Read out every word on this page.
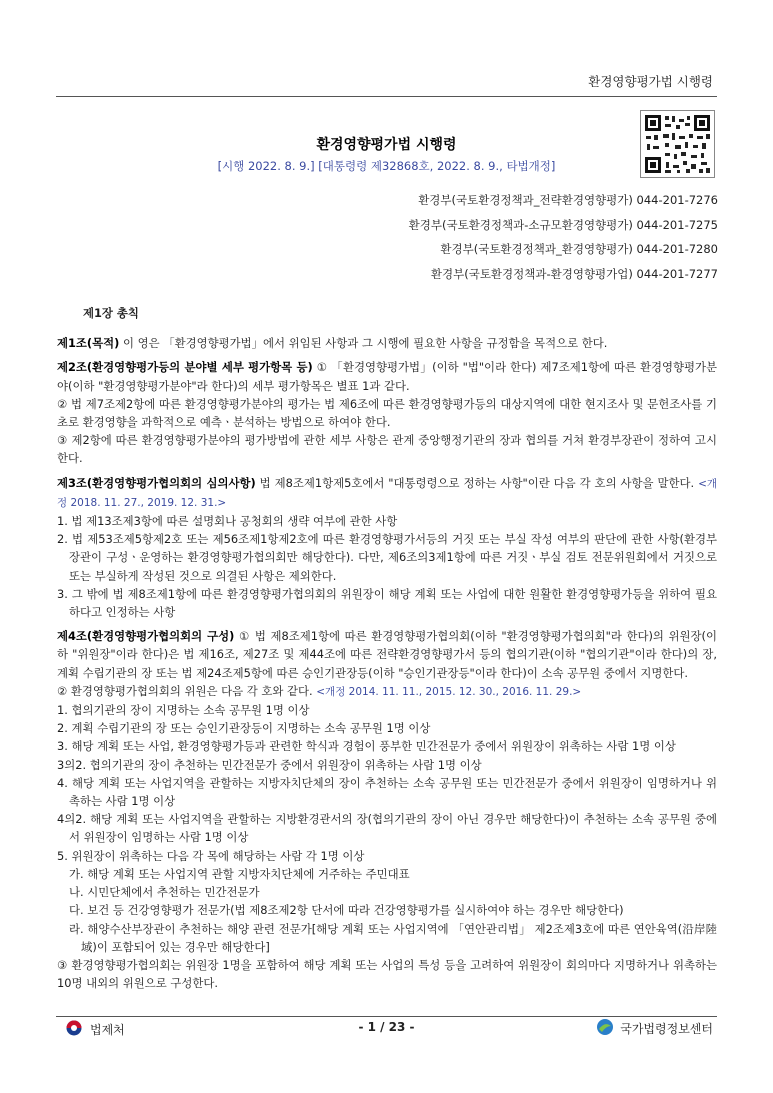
환경영향평가법 시행령
환경영향평가법 시행령
[시행 2022. 8. 9.] [대통령령 제32868호, 2022. 8. 9., 타법개정]
환경부(국토환경정책과_전략환경영향평가) 044-201-7276
환경부(국토환경정책과-소규모환경영향평가) 044-201-7275
환경부(국토환경정책과_환경영향평가) 044-201-7280
환경부(국토환경정책과-환경영향평가업) 044-201-7277
제1장 총칙

제1조(목적) 이 영은 「환경영향평가법」에서 위임된 사항과 그 시행에 필요한 사항을 규정함을 목적으로 한다.

제2조(환경영향평가등의 분야별 세부 평가항목 등) ① 「환경영향평가법」(이하 "법"이라 한다) 제7조제1항에 따른 환경영향평가분야(이하 "환경영향평가분야"라 한다)의 세부 평가항목은 별표 1과 같다.

② 법 제7조제2항에 따른 환경영향평가분야의 평가는 법 제6조에 따른 환경영향평가등의 대상지역에 대한 현지조사 및 문헌조사를 기초로 환경영향을 과학적으로 예측ㆍ분석하는 방법으로 하여야 한다.

③ 제2항에 따른 환경영향평가분야의 평가방법에 관한 세부 사항은 관계 중앙행정기관의 장과 협의를 거쳐 환경부장관이 정하여 고시한다.

제3조(환경영향평가협의회의 심의사항) 법 제8조제1항제5호에서 "대통령령으로 정하는 사항"이란 다음 각 호의 사항을 말한다. <개정 2018. 11. 27., 2019. 12. 31.>

1. 법 제13조제3항에 따른 설명회나 공청회의 생략 여부에 관한 사항

2. 법 제53조제5항제2호 또는 제56조제1항제2호에 따른 환경영향평가서등의 거짓 또는 부실 작성 여부의 판단에 관한 사항(환경부장관이 구성ㆍ운영하는 환경영향평가협의회만 해당한다). 다만, 제6조의3제1항에 따른 거짓ㆍ부실 검토 전문위원회에서 거짓으로 또는 부실하게 작성된 것으로 의결된 사항은 제외한다.

3. 그 밖에 법 제8조제1항에 따른 환경영향평가협의회의 위원장이 해당 계획 또는 사업에 대한 원활한 환경영향평가등을 위하여 필요하다고 인정하는 사항

제4조(환경영향평가협의회의 구성) ① 법 제8조제1항에 따른 환경영향평가협의회(이하 "환경영향평가협의회"라 한다)의 위원장(이하 "위원장"이라 한다)은 법 제16조, 제27조 및 제44조에 따른 전략환경영향평가서 등의 협의기관(이하 "협의기관"이라 한다)의 장, 계획 수립기관의 장 또는 법 제24조제5항에 따른 승인기관장등(이하 "승인기관장등"이라 한다)이 소속 공무원 중에서 지명한다.

② 환경영향평가협의회의 위원은 다음 각 호와 같다. <개정 2014. 11. 11., 2015. 12. 30., 2016. 11. 29.>

1. 협의기관의 장이 지명하는 소속 공무원 1명 이상

2. 계획 수립기관의 장 또는 승인기관장등이 지명하는 소속 공무원 1명 이상

3. 해당 계획 또는 사업, 환경영향평가등과 관련한 학식과 경험이 풍부한 민간전문가 중에서 위원장이 위촉하는 사람 1명 이상

3의2. 협의기관의 장이 추천하는 민간전문가 중에서 위원장이 위촉하는 사람 1명 이상

4. 해당 계획 또는 사업지역을 관할하는 지방자치단체의 장이 추천하는 소속 공무원 또는 민간전문가 중에서 위원장이 임명하거나 위촉하는 사람 1명 이상

4의2. 해당 계획 또는 사업지역을 관할하는 지방환경관서의 장(협의기관의 장이 아닌 경우만 해당한다)이 추천하는 소속 공무원 중에서 위원장이 임명하는 사람 1명 이상

5. 위원장이 위촉하는 다음 각 목에 해당하는 사람 각 1명 이상

가. 해당 계획 또는 사업지역 관할 지방자치단체에 거주하는 주민대표

나. 시민단체에서 추천하는 민간전문가

다. 보건 등 건강영향평가 전문가(법 제8조제2항 단서에 따라 건강영향평가를 실시하여야 하는 경우만 해당한다)

라. 해양수산부장관이 추천하는 해양 관련 전문가[해당 계획 또는 사업지역에 「연안관리법」 제2조제3호에 따른 연안육역(沿岸陸域)이 포함되어 있는 경우만 해당한다]

③ 환경영향평가협의회는 위원장 1명을 포함하여 해당 계획 또는 사업의 특성 등을 고려하여 위원장이 회의마다 지명하거나 위촉하는 10명 내외의 위원으로 구성한다.

법제처	- 1 / 23 -	국가법령정보센터
